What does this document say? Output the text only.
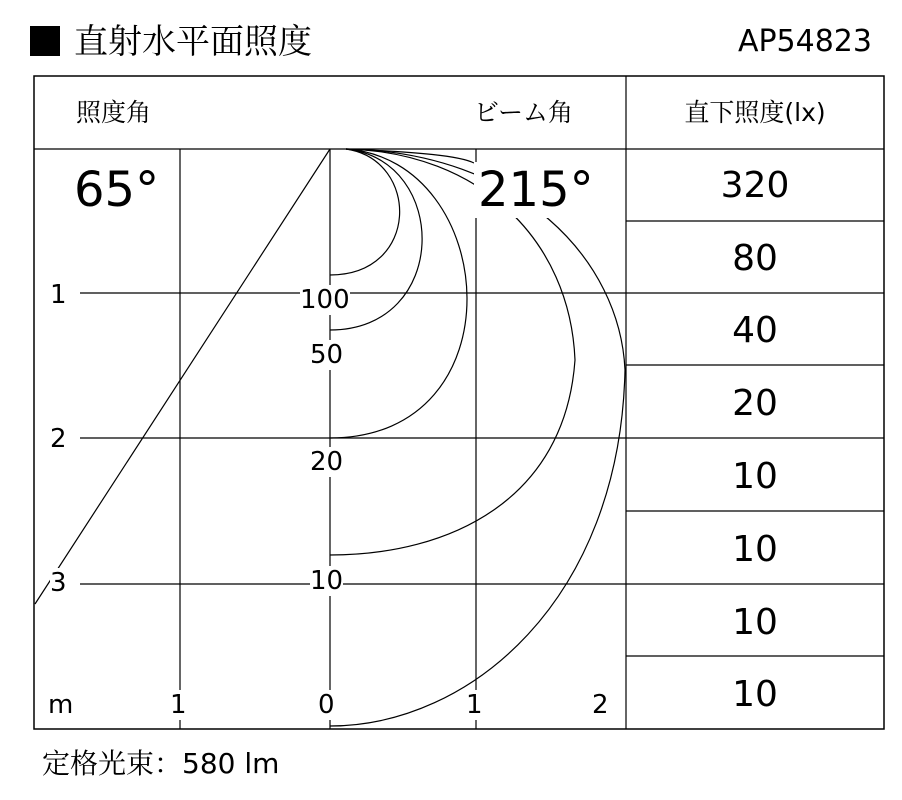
直射水平面照度	AP54823
照度角	ビーム角	直下照度(lx)
65°	215°
1
2
3
100
50
20
10
m	1	0	1	2
320
80
40
20
10
10
10
10
定格光束：580 lm
